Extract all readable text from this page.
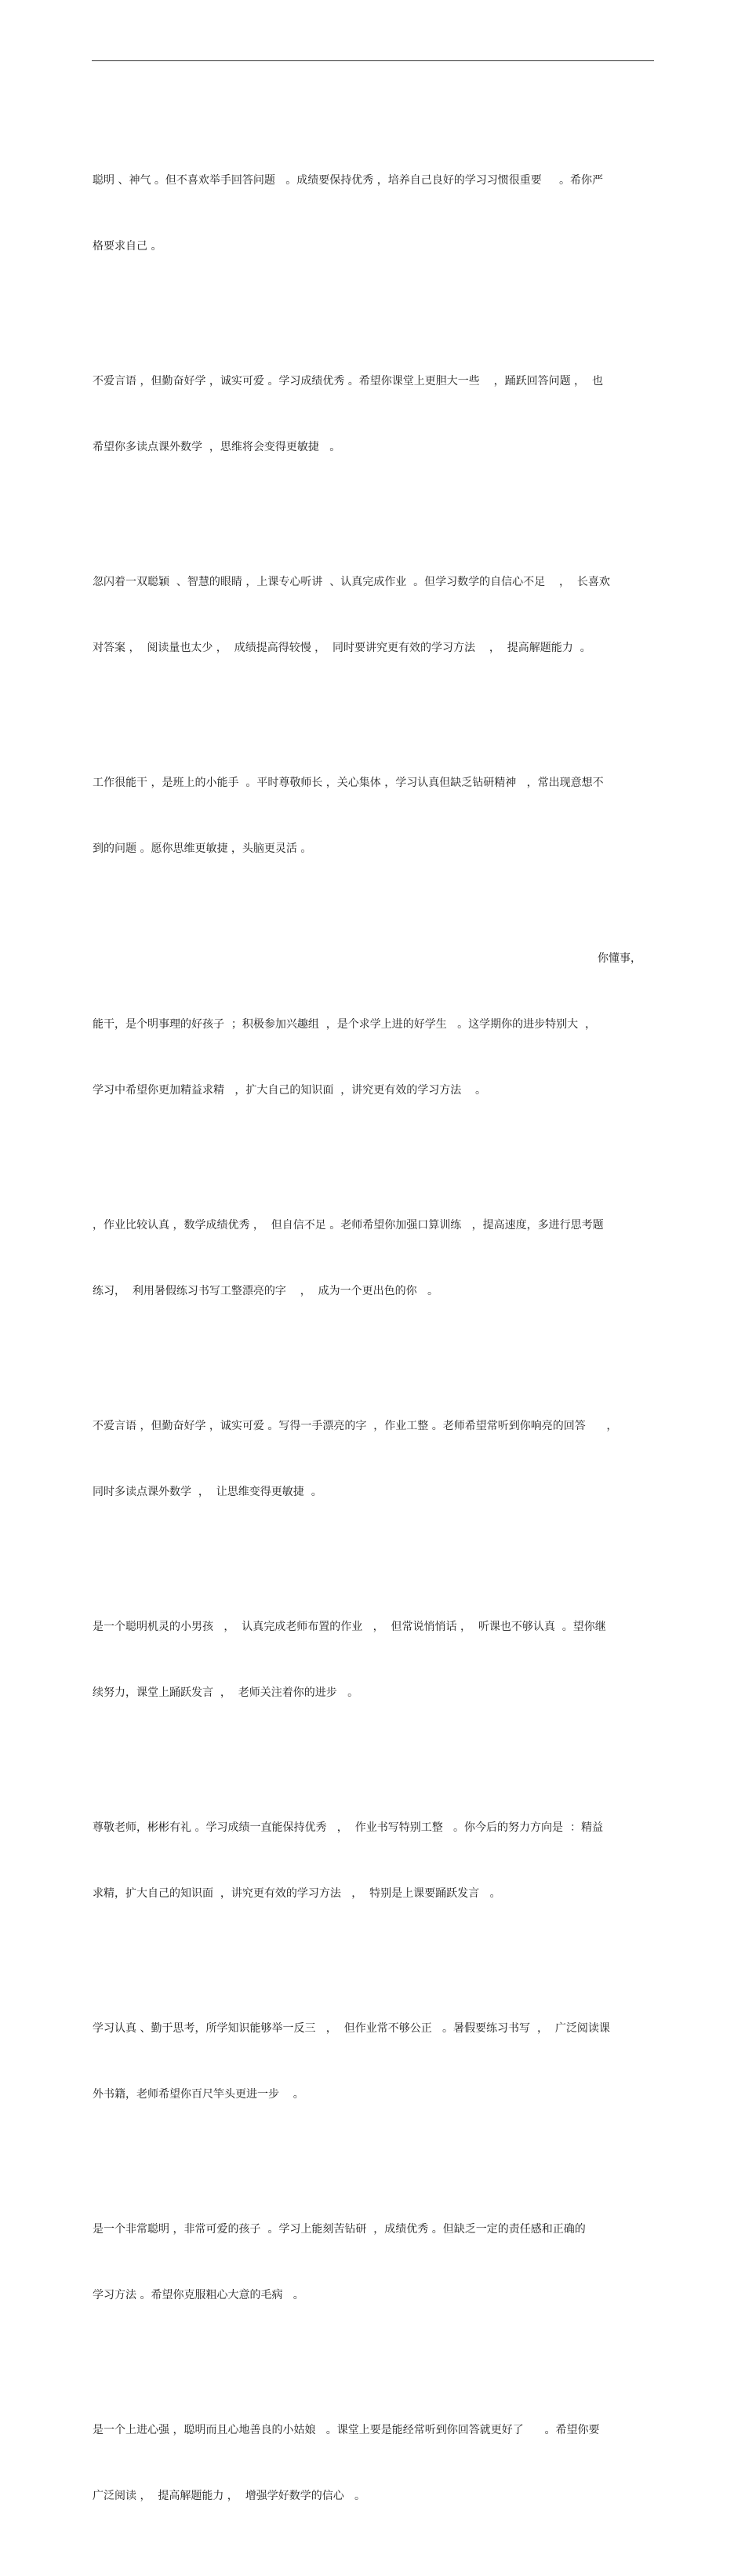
聪明 、神气 。但不喜欢举手回答问题   。成绩要保持优秀 ，培养自己良好的学习习惯很重要     。希你严

格要求自己 。

不爱言语 ，但勤奋好学 ，诚实可爱 。学习成绩优秀 。希望你课堂上更胆大一些    ，踊跃回答问题 ，  也

希望你多读点课外数学  ，思维将会变得更敏捷   。

忽闪着一双聪颖  、智慧的眼睛 ，上课专心听讲  、认真完成作业  。但学习数学的自信心不足    ，  长喜欢

对答案 ，  阅读量也太少 ，  成绩提高得较慢 ，  同时要讲究更有效的学习方法    ，  提高解题能力  。

工作很能干 ，是班上的小能手  。平时尊敬师长 ，关心集体 ，学习认真但缺乏钻研精神   ，常出现意想不

到的问题 。愿你思维更敏捷 ，头脑更灵活 。

你懂事，

能干，是个明事理的好孩子  ；积极参加兴趣组  ，是个求学上进的好学生   。这学期你的进步特别大  ，

学习中希望你更加精益求精   ，扩大自己的知识面  ，讲究更有效的学习方法    。

，作业比较认真 ，数学成绩优秀 ，  但自信不足 。老师希望你加强口算训练   ，提高速度，多进行思考题

练习，  利用暑假练习书写工整漂亮的字    ，  成为一个更出色的你   。

不爱言语 ，但勤奋好学 ，诚实可爱 。写得一手漂亮的字  ，作业工整 。老师希望常听到你响亮的回答      ，

同时多读点课外数学  ，  让思维变得更敏捷  。

是一个聪明机灵的小男孩   ，  认真完成老师布置的作业   ，  但常说悄悄话 ，  听课也不够认真  。望你继

续努力，课堂上踊跃发言  ，  老师关注着你的进步   。

尊敬老师，彬彬有礼 。学习成绩一直能保持优秀   ，  作业书写特别工整   。你今后的努力方向是  ：精益

求精，扩大自己的知识面  ，讲究更有效的学习方法   ，  特别是上课要踊跃发言   。

学习认真 、勤于思考，所学知识能够举一反三   ，  但作业常不够公正   。暑假要练习书写  ，  广泛阅读课

外书籍，老师希望你百尺竿头更进一步    。

是一个非常聪明 ，非常可爱的孩子  。学习上能刻苦钻研  ，成绩优秀 。但缺乏一定的责任感和正确的

学习方法 。希望你克服粗心大意的毛病   。

是一个上进心强 ，聪明而且心地善良的小姑娘   。课堂上要是能经常听到你回答就更好了      。希望你要

广泛阅读 ，  提高解题能力 ，  增强学好数学的信心   。
